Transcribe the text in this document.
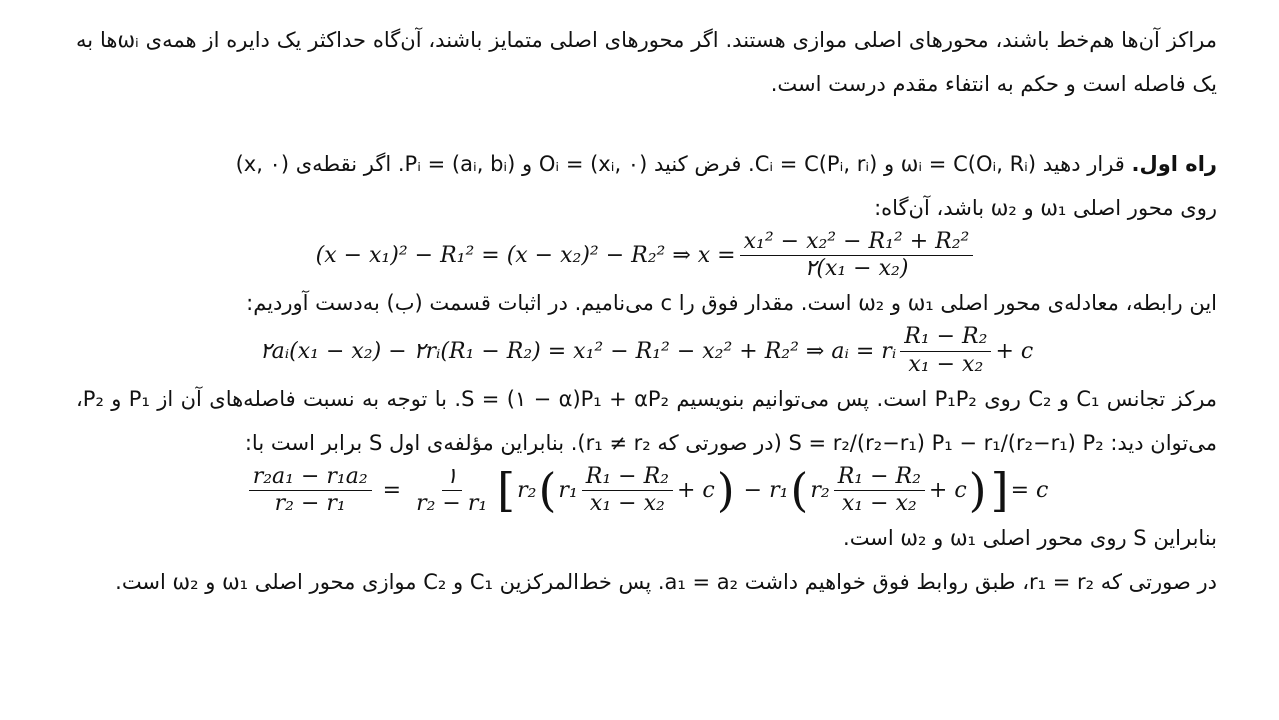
مراکز آن‌ها هم‌خط باشند، محورهای اصلی موازی هستند. اگر محورهای اصلی متمایز باشند، آن‌گاه حداکثر یک دایره از همه‌ی ωᵢها به یک فاصله است و حکم به انتفاء مقدم درست است.

راه اول. قرار دهید ωᵢ = C(Oᵢ, Rᵢ) و Cᵢ = C(Pᵢ, rᵢ). فرض کنید Oᵢ = (xᵢ, ۰) و Pᵢ = (aᵢ, bᵢ). اگر نقطه‌ی (x, ۰)
روی محور اصلی ω₁ و ω₂ باشد، آن‌گاه:

(x − x₁)² − R₁² = (x − x₂)² − R₂² ⇒ $x = \frac{\text{x₁² − x₂² − R₁² + R₂²}}{\text{۲(x₁ − x₂)}}$

این رابطه، معادله‌ی محور اصلی ω₁ و ω₂ است. مقدار فوق را c می‌نامیم. در اثبات قسمت (ب) به‌دست آوردیم:

۲aᵢ(x₁ − x₂) − ۲rᵢ(R₁ − R₂) = x₁² − R₁² − x₂² + R₂² ⇒ aᵢ = rᵢ $\frac{\text{R₁ − R₂}}{\text{x₁ − x₂}} + c$

مرکز تجانس C₁ و C₂ روی P₁P₂ است. پس می‌توانیم بنویسیم S = (۱ − α)P₁ + αP₂. با توجه به نسبت فاصله‌های آن از P₁ و P₂، می‌توان دید: S = r₂/(r₂−r₁) P₁ − r₁/(r₂−r₁) P₂ (در صورتی که r₁ ≠ r₂). بنابراین مؤلفه‌ی اول S برابر است با:

$\frac{\text{r₂a₁ − r₁a₂}}{\text{r₂ − r₁}} = \frac{۱}{\text{r₂ − r₁}}$ [ r₂ ( $r_1 \frac{\text{R₁ − R₂}}{\text{x₁ − x₂}} + c$ ) − r₁ ( $r_2 \frac{\text{R₁ − R₂}}{\text{x₁ − x₂}} + c$ ) ] = c

بنابراین S روی محور اصلی ω₁ و ω₂ است.

در صورتی که r₁ = r₂، طبق روابط فوق خواهیم داشت a₁ = a₂. پس خط‌المرکزین C₁ و C₂ موازی محور اصلی ω₁ و ω₂ است.
